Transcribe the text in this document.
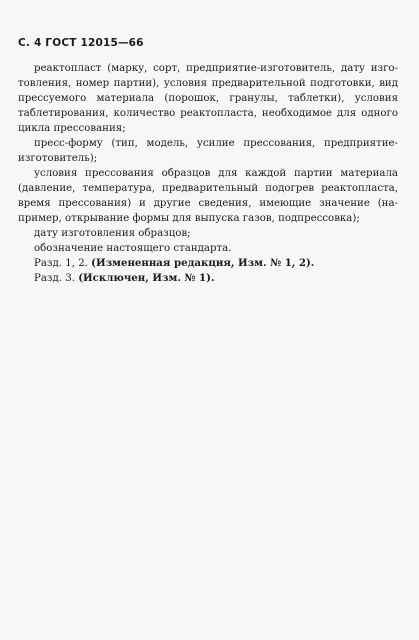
С. 4 ГОСТ 12015—66
реактопласт (марку, сорт, предприятие-изготовитель, дату изго-
товления, номер партии), условия предварительной подготовки, вид
прессуемого материала (порошок, гранулы, таблетки), условия
таблетирования, количество реактопласта, необходимое для одного
цикла прессования;
пресс-форму (тип, модель, усилие прессования, предприятие-
изготовитель);
условия прессования образцов для каждой партии материала
(давление, температура, предварительный подогрев реактопласта,
время прессования) и другие сведения, имеющие значение (на-
пример, открывание формы для выпуска газов, подпрессовка);
дату изготовления образцов;
обозначение настоящего стандарта.
Разд. 1, 2. (Измененная редакция, Изм. № 1, 2).
Разд. 3. (Исключен, Изм. № 1).
